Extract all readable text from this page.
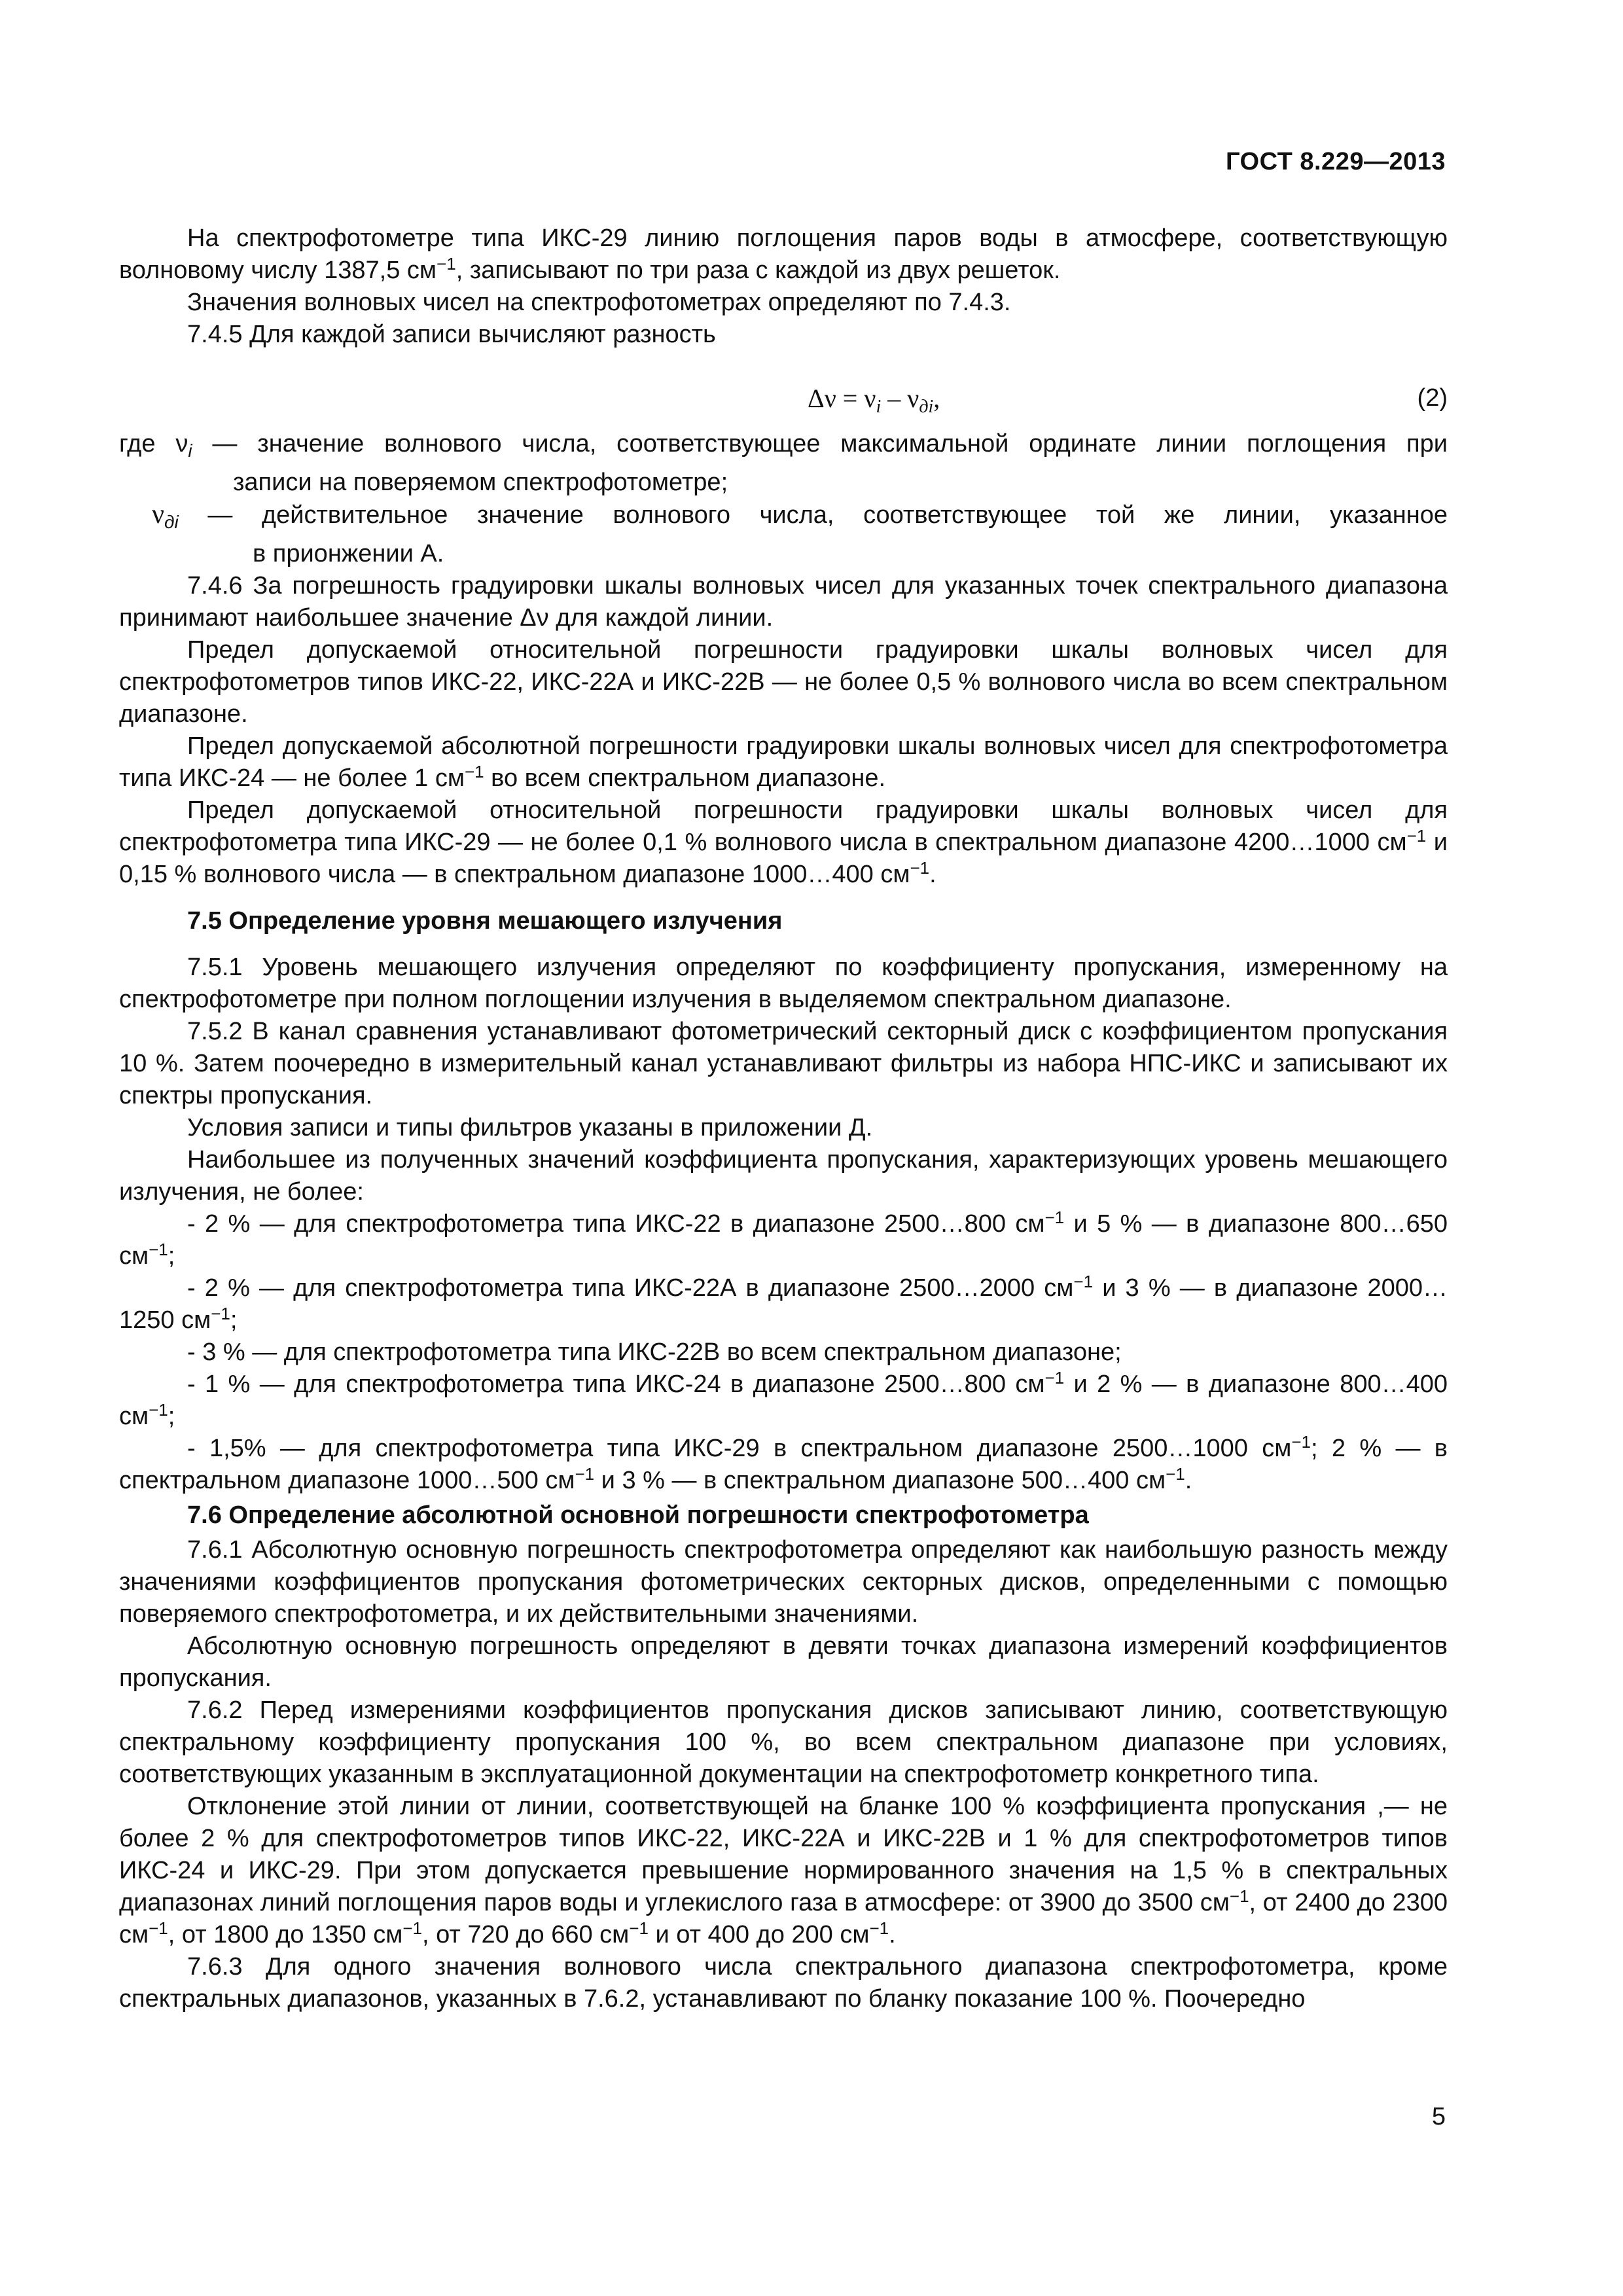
ГОСТ 8.229—2013

На спектрофотометре типа ИКС-29 линию поглощения паров воды в атмосфере, соответствующую волновому числу 1387,5 $см^{-1}$, записывают по три раза с каждой из двух решеток.

Значения волновых чисел на спектрофотометрах определяют по 7.4.3.

7.4.5 Для каждой записи вычисляют разность

$\Delta\nu = \nu_i - \nu_{дi}$,	(2)
где $\nu_i$ — значение волнового числа, соответствующее максимальной ординате линии поглощения при
записи на поверяемом спектрофотометре;
$\nu_{дi}$ — действительное значение волнового числа, соответствующее той же линии, указанное
в прионжении А.

7.4.6 За погрешность градуировки шкалы волновых чисел для указанных точек спектрального диапазона принимают наибольшее значение Δν для каждой линии.

Предел допускаемой относительной погрешности градуировки шкалы волновых чисел для спектрофотометров типов ИКС-22, ИКС-22А и ИКС-22В — не более 0,5 % волнового числа во всем спектральном диапазоне.

Предел допускаемой абсолютной погрешности градуировки шкалы волновых чисел для спектрофотометра типа ИКС-24 — не более 1 $см^{-1}$ во всем спектральном диапазоне.

Предел допускаемой относительной погрешности градуировки шкалы волновых чисел для спектрофотометра типа ИКС-29 — не более 0,1 % волнового числа в спектральном диапазоне 4200…1000 $см^{-1}$ и 0,15 % волнового числа — в спектральном диапазоне 1000…400 $см^{-1}$.

7.5 Определение уровня мешающего излучения

7.5.1 Уровень мешающего излучения определяют по коэффициенту пропускания, измеренному на спектрофотометре при полном поглощении излучения в выделяемом спектральном диапазоне.

7.5.2 В канал сравнения устанавливают фотометрический секторный диск с коэффициентом пропускания 10 %. Затем поочередно в измерительный канал устанавливают фильтры из набора НПС-ИКС и записывают их спектры пропускания.

Условия записи и типы фильтров указаны в приложении Д.

Наибольшее из полученных значений коэффициента пропускания, характеризующих уровень мешающего излучения, не более:

- 2 % — для спектрофотометра типа ИКС-22 в диапазоне 2500…800 $см^{-1}$ и 5 % — в диапазоне 800…650 $см^{-1}$;

- 2 % — для спектрофотометра типа ИКС-22А в диапазоне 2500…2000 $см^{-1}$ и 3 % — в диапазоне 2000…1250 $см^{-1}$;

- 3 % — для спектрофотометра типа ИКС-22В во всем спектральном диапазоне;

- 1 % — для спектрофотометра типа ИКС-24 в диапазоне 2500…800 $см^{-1}$ и 2 % — в диапазоне 800…400 $см^{-1}$;

- 1,5% — для спектрофотометра типа ИКС-29 в спектральном диапазоне 2500…1000 $см^{-1}$; 2 % — в спектральном диапазоне 1000…500 $см^{-1}$ и 3 % — в спектральном диапазоне 500…400 $см^{-1}$.

7.6 Определение абсолютной основной погрешности спектрофотометра

7.6.1 Абсолютную основную погрешность спектрофотометра определяют как наибольшую разность между значениями коэффициентов пропускания фотометрических секторных дисков, определенными с помощью поверяемого спектрофотометра, и их действительными значениями.

Абсолютную основную погрешность определяют в девяти точках диапазона измерений коэффициентов пропускания.

7.6.2 Перед измерениями коэффициентов пропускания дисков записывают линию, соответствующую спектральному коэффициенту пропускания 100 %, во всем спектральном диапазоне при условиях, соответствующих указанным в эксплуатационной документации на спектрофотометр конкретного типа.

Отклонение этой линии от линии, соответствующей на бланке 100 % коэффициента пропускания ,— не более 2 % для спектрофотометров типов ИКС-22, ИКС-22А и ИКС-22В и 1 % для спектрофотометров типов ИКС-24 и ИКС-29. При этом допускается превышение нормированного значения на 1,5 % в спектральных диапазонах линий поглощения паров воды и углекислого газа в атмосфере: от 3900 до 3500 $см^{-1}$, от 2400 до 2300 $см^{-1}$, от 1800 до 1350 $см^{-1}$, от 720 до 660 $см^{-1}$ и от 400 до 200 $см^{-1}$.

7.6.3 Для одного значения волнового числа спектрального диапазона спектрофотометра, кроме спектральных диапазонов, указанных в 7.6.2, устанавливают по бланку показание 100 %. Поочередно

5
